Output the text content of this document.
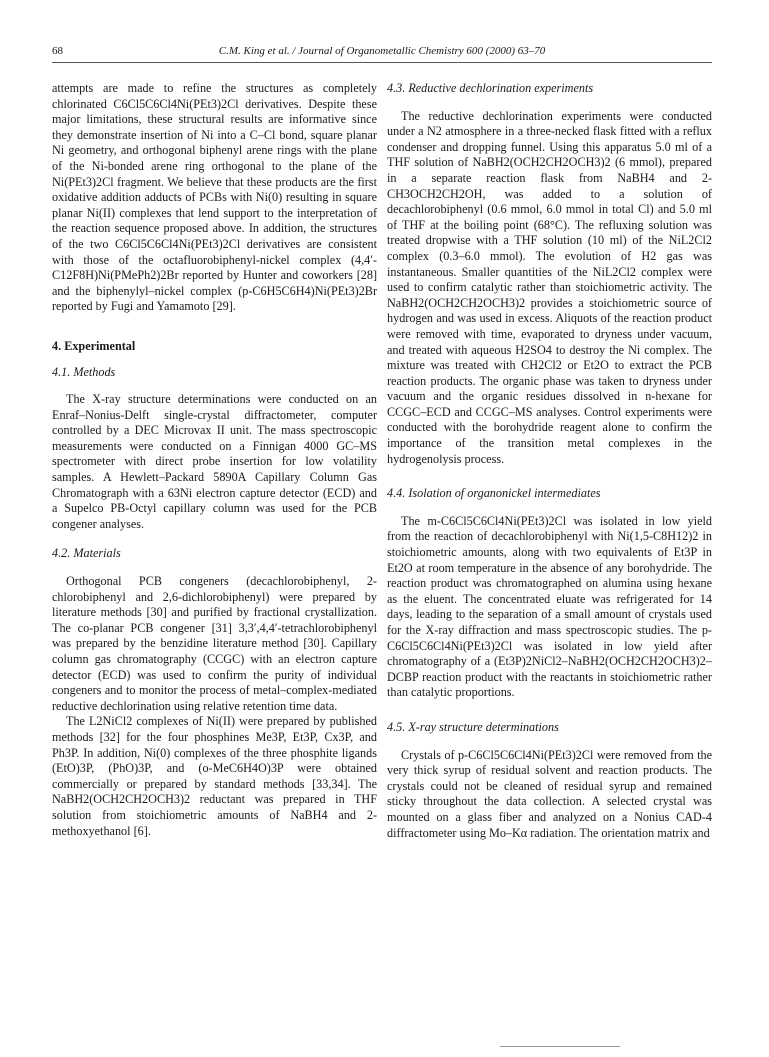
68	C.M. King et al. / Journal of Organometallic Chemistry 600 (2000) 63–70

attempts are made to refine the structures as completely chlorinated C6Cl5C6Cl4Ni(PEt3)2Cl derivatives. Despite these major limitations, these structural results are informative since they demonstrate insertion of Ni into a C–Cl bond, square planar Ni geometry, and orthogonal biphenyl arene rings with the plane of the Ni-bonded arene ring orthogonal to the plane of the Ni(PEt3)2Cl fragment. We believe that these products are the first oxidative addition adducts of PCBs with Ni(0) resulting in square planar Ni(II) complexes that lend support to the interpretation of the reaction sequence proposed above. In addition, the structures of the two C6Cl5C6Cl4Ni(PEt3)2Cl derivatives are consistent with those of the octafluorobiphenyl-nickel complex (4,4′-C12F8H)Ni(PMePh2)2Br reported by Hunter and coworkers [28] and the biphenylyl–nickel complex (p-C6H5C6H4)Ni(PEt3)2Br reported by Fugi and Yamamoto [29].

4. Experimental
4.1. Methods

The X-ray structure determinations were conducted on an Enraf–Nonius-Delft single-crystal diffractometer, computer controlled by a DEC Microvax II unit. The mass spectroscopic measurements were conducted on a Finnigan 4000 GC–MS spectrometer with direct probe insertion for low volatility samples. A Hewlett–Packard 5890A Capillary Column Gas Chromatograph with a 63Ni electron capture detector (ECD) and a Supelco PB-Octyl capillary column was used for the PCB congener analyses.

4.2. Materials

Orthogonal PCB congeners (decachlorobiphenyl, 2-chlorobiphenyl and 2,6-dichlorobiphenyl) were prepared by literature methods [30] and purified by fractional crystallization. The co-planar PCB congener [31] 3,3′,4,4′-tetrachlorobiphenyl was prepared by the benzidine literature method [30]. Capillary column gas chromatography (CCGC) with an electron capture detector (ECD) was used to confirm the purity of individual congeners and to monitor the process of metal–complex-mediated reductive dechlorination using relative retention time data.

The L2NiCl2 complexes of Ni(II) were prepared by published methods [32] for the four phosphines Me3P, Et3P, Cx3P, and Ph3P. In addition, Ni(0) complexes of the three phosphite ligands (EtO)3P, (PhO)3P, and (o-MeC6H4O)3P were obtained commercially or prepared by standard methods [33,34]. The NaBH2(OCH2CH2OCH3)2 reductant was prepared in THF solution from stoichiometric amounts of NaBH4 and 2-methoxyethanol [6].

4.3. Reductive dechlorination experiments

The reductive dechlorination experiments were conducted under a N2 atmosphere in a three-necked flask fitted with a reflux condenser and dropping funnel. Using this apparatus 5.0 ml of a THF solution of NaBH2(OCH2CH2OCH3)2 (6 mmol), prepared in a separate reaction flask from NaBH4 and 2-CH3OCH2CH2OH, was added to a solution of decachlorobiphenyl (0.6 mmol, 6.0 mmol in total Cl) and 5.0 ml of THF at the boiling point (68°C). The refluxing solution was treated dropwise with a THF solution (10 ml) of the NiL2Cl2 complex (0.3–6.0 mmol). The evolution of H2 gas was instantaneous. Smaller quantities of the NiL2Cl2 complex were used to confirm catalytic rather than stoichiometric activity. The NaBH2(OCH2CH2OCH3)2 provides a stoichiometric source of hydrogen and was used in excess. Aliquots of the reaction product were removed with time, evaporated to dryness under vacuum, and treated with aqueous H2SO4 to destroy the Ni complex. The mixture was treated with CH2Cl2 or Et2O to extract the PCB reaction products. The organic phase was taken to dryness under vacuum and the organic residues dissolved in n-hexane for CCGC–ECD and CCGC–MS analyses. Control experiments were conducted with the borohydride reagent alone to confirm the importance of the transition metal complexes in the hydrogenolysis process.

4.4. Isolation of organonickel intermediates

The m-C6Cl5C6Cl4Ni(PEt3)2Cl was isolated in low yield from the reaction of decachlorobiphenyl with Ni(1,5-C8H12)2 in stoichiometric amounts, along with two equivalents of Et3P in Et2O at room temperature in the absence of any borohydride. The reaction product was chromatographed on alumina using hexane as the eluent. The concentrated eluate was refrigerated for 14 days, leading to the separation of a small amount of crystals used for the X-ray diffraction and mass spectroscopic studies. The p-C6Cl5C6Cl4Ni(PEt3)2Cl was isolated in low yield after chromatography of a (Et3P)2NiCl2–NaBH2(OCH2CH2OCH3)2–DCBP reaction product with the reactants in stoichiometric rather than catalytic proportions.

4.5. X-ray structure determinations

Crystals of p-C6Cl5C6Cl4Ni(PEt3)2Cl were removed from the very thick syrup of residual solvent and reaction products. The crystals could not be cleaned of residual syrup and remained sticky throughout the data collection. A selected crystal was mounted on a glass fiber and analyzed on a Nonius CAD-4 diffractometer using Mo–Kα radiation. The orientation matrix and
